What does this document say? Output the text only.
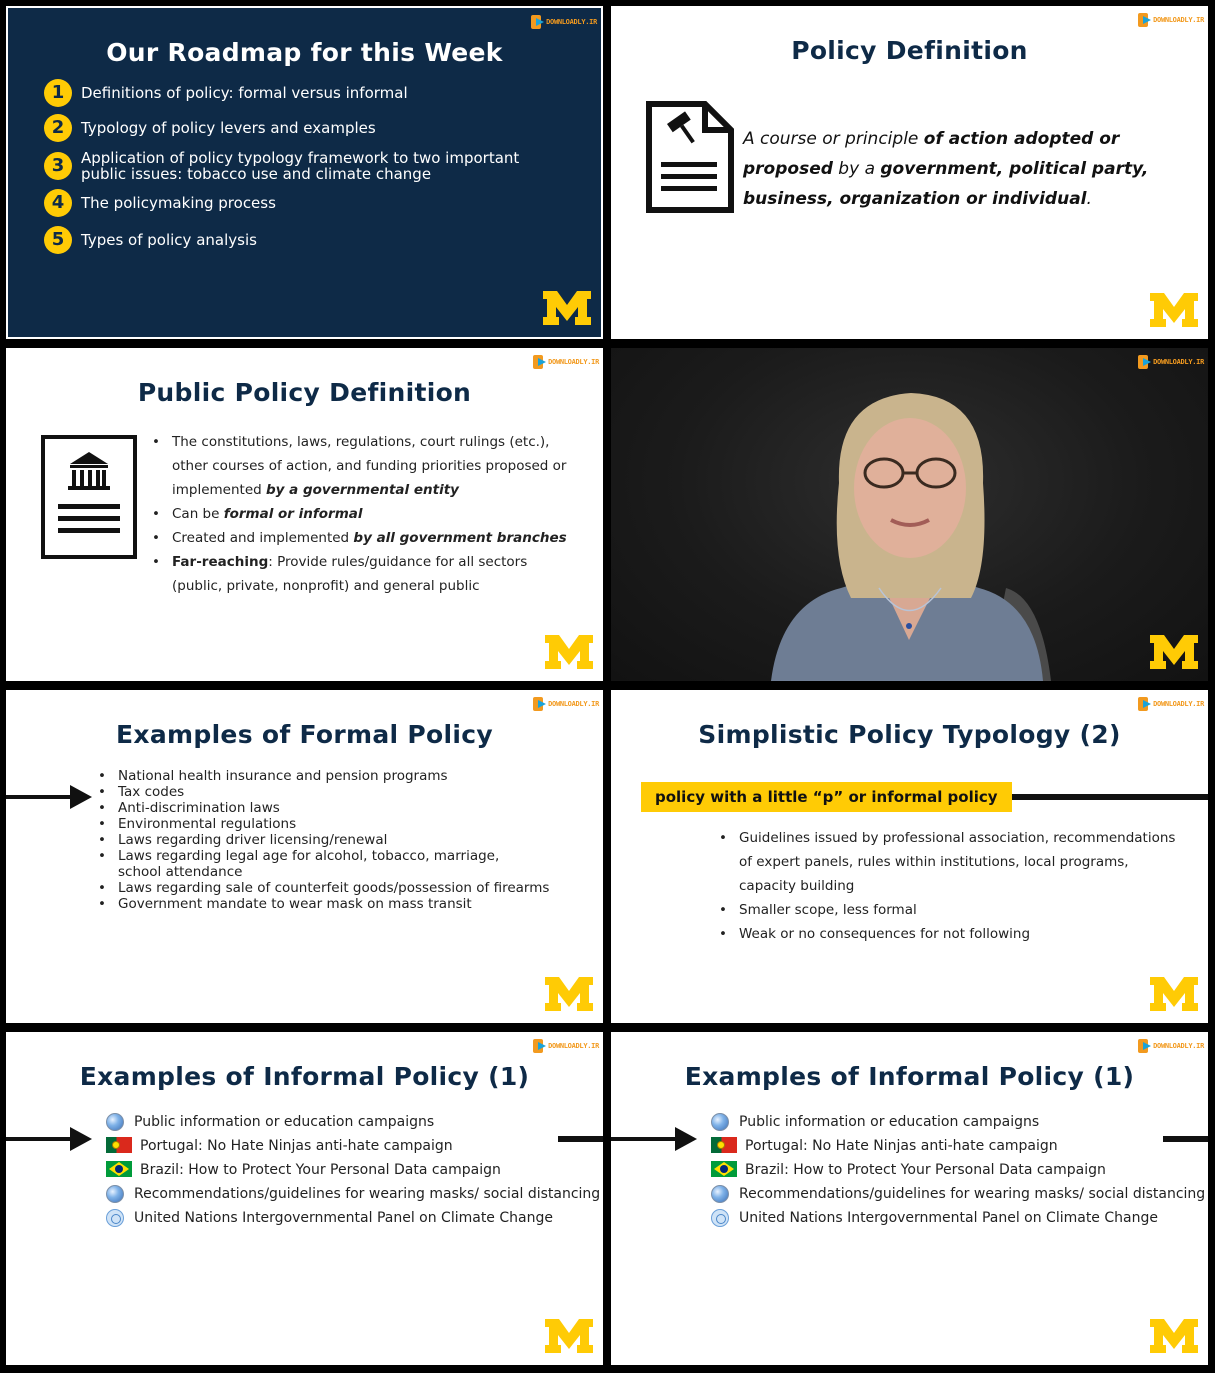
DOWNLOADLY.IR
Our Roadmap for this Week
1	Definitions of policy: formal versus informal
2	Typology of policy levers and examples
3	Application of policy typology framework to two important
public issues: tobacco use and climate change
4	The policymaking process
5	Types of policy analysis
DOWNLOADLY.IR
Policy Definition
A course or principle of action adopted or
proposed by a government, political party,
business, organization or individual.
DOWNLOADLY.IR
Public Policy Definition
• The constitutions, laws, regulations, court rulings (etc.),
other courses of action, and funding priorities proposed or
implemented by a governmental entity
• Can be formal or informal
• Created and implemented by all government branches
• Far-reaching: Provide rules/guidance for all sectors
(public, private, nonprofit) and general public
DOWNLOADLY.IR
DOWNLOADLY.IR
Examples of Formal Policy
• National health insurance and pension programs
• Tax codes
• Anti-discrimination laws
• Environmental regulations
• Laws regarding driver licensing/renewal
• Laws regarding legal age for alcohol, tobacco, marriage,
school attendance
• Laws regarding sale of counterfeit goods/possession of firearms
• Government mandate to wear mask on mass transit
DOWNLOADLY.IR
Simplistic Policy Typology (2)
policy with a little “p” or informal policy
• Guidelines issued by professional association, recommendations
of expert panels, rules within institutions, local programs,
capacity building
• Smaller scope, less formal
• Weak or no consequences for not following
DOWNLOADLY.IR
Examples of Informal Policy (1)
Public information or education campaigns
Portugal: No Hate Ninjas anti-hate campaign
Brazil: How to Protect Your Personal Data campaign
Recommendations/guidelines for wearing masks/ social distancing
United Nations Intergovernmental Panel on Climate Change
DOWNLOADLY.IR
Examples of Informal Policy (1)
Public information or education campaigns
Portugal: No Hate Ninjas anti-hate campaign
Brazil: How to Protect Your Personal Data campaign
Recommendations/guidelines for wearing masks/ social distancing
United Nations Intergovernmental Panel on Climate Change
